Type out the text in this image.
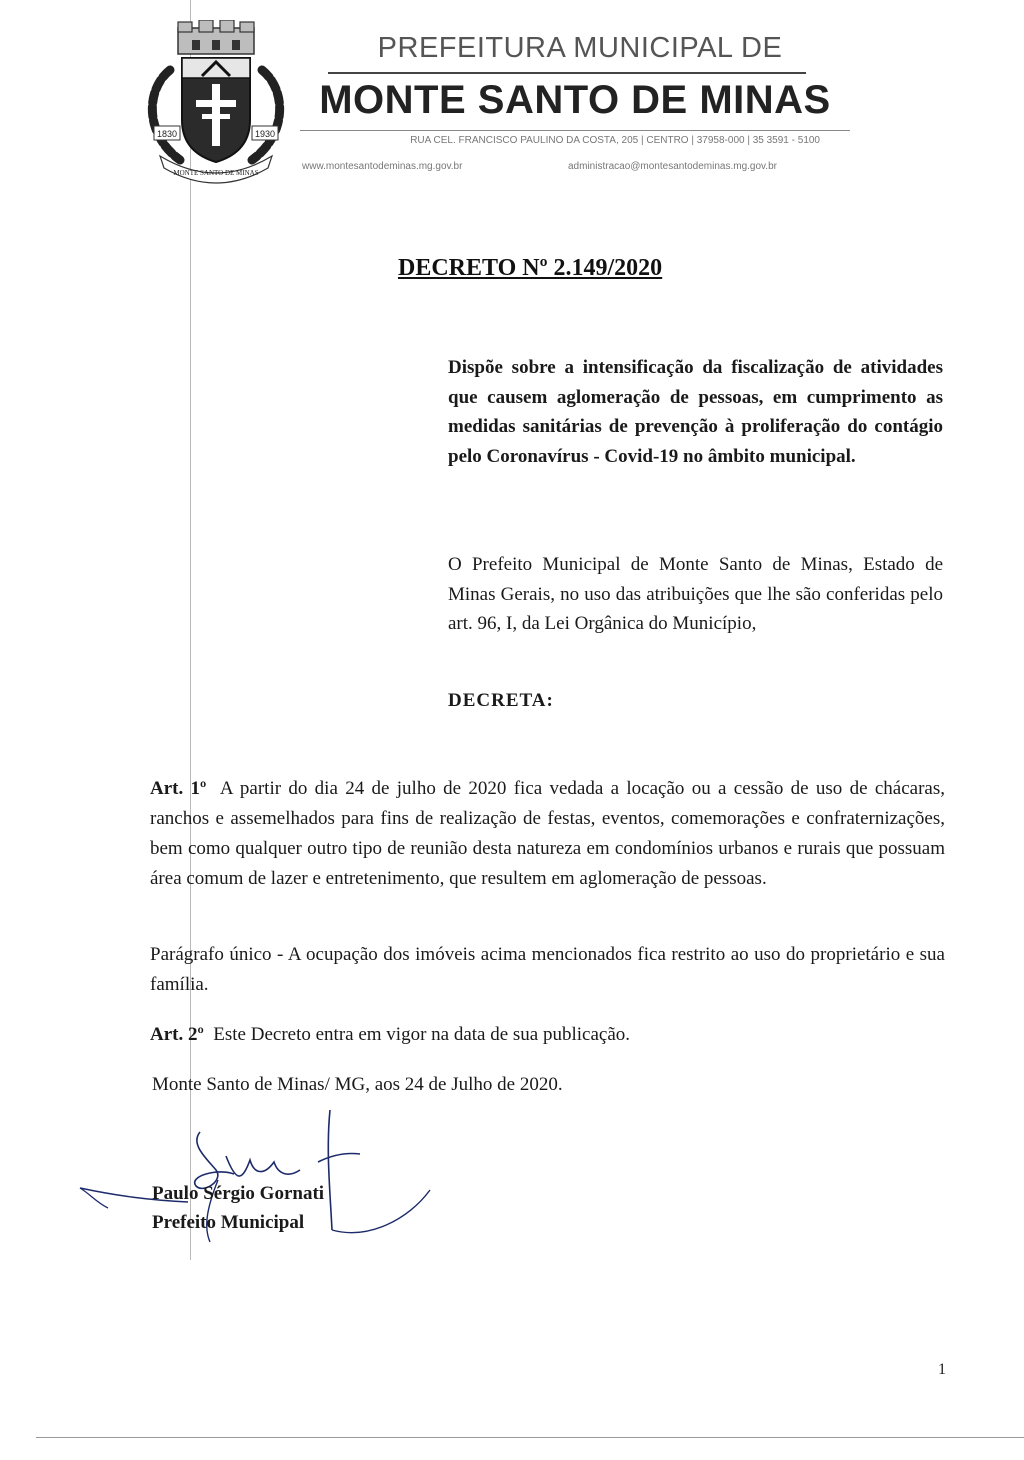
1830	1930
MONTE SANTO DE MINAS
PREFEITURA MUNICIPAL DE
MONTE SANTO DE MINAS
RUA CEL. FRANCISCO PAULINO DA COSTA, 205 | CENTRO | 37958-000 | 35 3591 - 5100
www.montesantodeminas.mg.gov.br	administracao@montesantodeminas.mg.gov.br
DECRETO Nº 2.149/2020
Dispõe sobre a intensificação da fiscalização de atividades que causem aglomeração de pessoas, em cumprimento as medidas sanitárias de prevenção à proliferação do contágio pelo Coronavírus - Covid-19 no âmbito municipal.
O Prefeito Municipal de Monte Santo de Minas, Estado de Minas Gerais, no uso das atribuições que lhe são conferidas pelo art. 96, I, da Lei Orgânica do Município,
DECRETA:
Art. 1º A partir do dia 24 de julho de 2020 fica vedada a locação ou a cessão de uso de chácaras, ranchos e assemelhados para fins de realização de festas, eventos, comemorações e confraternizações, bem como qualquer outro tipo de reunião desta natureza em condomínios urbanos e rurais que possuam área comum de lazer e entretenimento, que resultem em aglomeração de pessoas.
Parágrafo único - A ocupação dos imóveis acima mencionados fica restrito ao uso do proprietário e sua família.
Art. 2º Este Decreto entra em vigor na data de sua publicação.
Monte Santo de Minas/ MG, aos 24 de Julho de 2020.
Paulo Sérgio Gornati
Prefeito Municipal
1
